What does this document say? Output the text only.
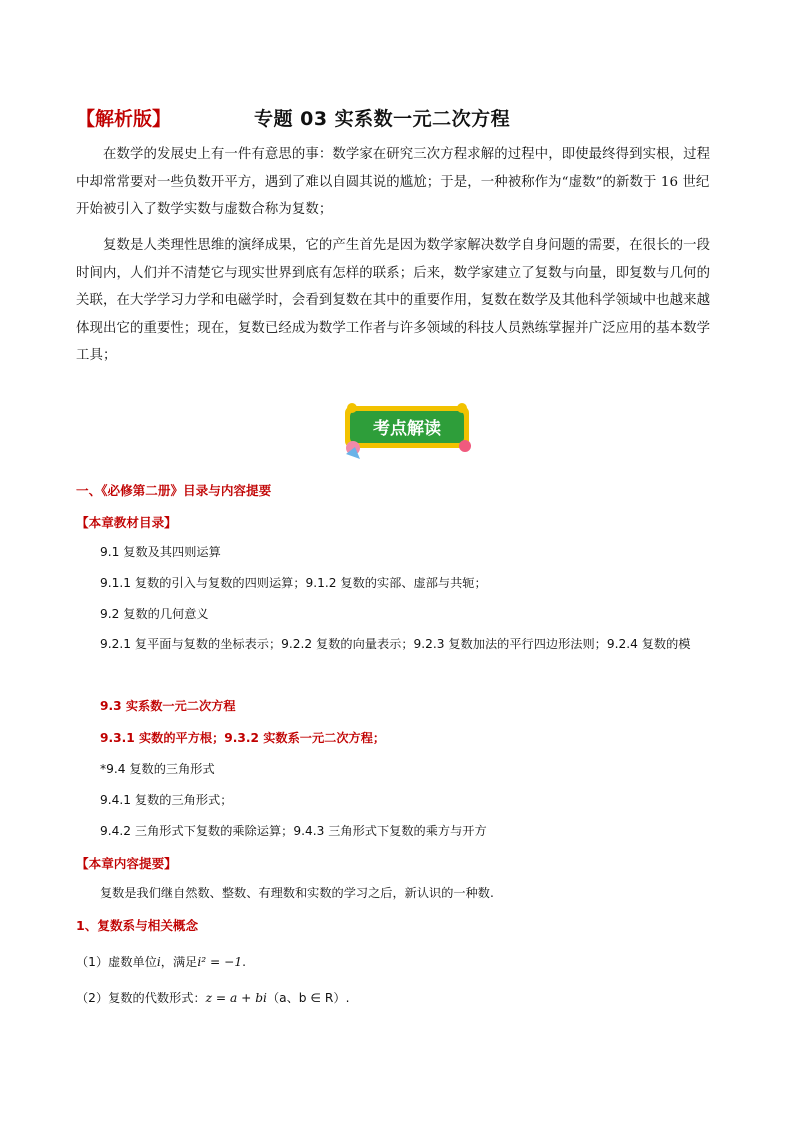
【解析版】	专题 03 实系数一元二次方程
在数学的发展史上有一件有意思的事：数学家在研究三次方程求解的过程中，即使最终得到实根，过程中却常常要对一些负数开平方，遇到了难以自圆其说的尴尬；于是，一种被称作为“虚数”的新数于 16 世纪开始被引入了数学实数与虚数合称为复数；
复数是人类理性思维的演绎成果，它的产生首先是因为数学家解决数学自身问题的需要，在很长的一段时间内，人们并不清楚它与现实世界到底有怎样的联系；后来，数学家建立了复数与向量，即复数与几何的关联，在大学学习力学和电磁学时，会看到复数在其中的重要作用，复数在数学及其他科学领域中也越来越体现出它的重要性；现在，复数已经成为数学工作者与许多领域的科技人员熟练掌握并广泛应用的基本数学工具；
考点解读
一、《必修第二册》目录与内容提要
【本章教材目录】
9.1 复数及其四则运算
9.1.1 复数的引入与复数的四则运算；9.1.2 复数的实部、虚部与共轭；
9.2 复数的几何意义
9.2.1 复平面与复数的坐标表示；9.2.2 复数的向量表示；9.2.3 复数加法的平行四边形法则；9.2.4 复数的模
9.3 实系数一元二次方程
9.3.1 实数的平方根；9.3.2 实数系一元二次方程；
*9.4 复数的三角形式
9.4.1 复数的三角形式；
9.4.2 三角形式下复数的乘除运算；9.4.3 三角形式下复数的乘方与开方
【本章内容提要】
复数是我们继自然数、整数、有理数和实数的学习之后，新认识的一种数.
1、复数系与相关概念
（1）虚数单位i，满足i² = −1.
（2）复数的代数形式：z = a + bi（a、b ∈ R）.
